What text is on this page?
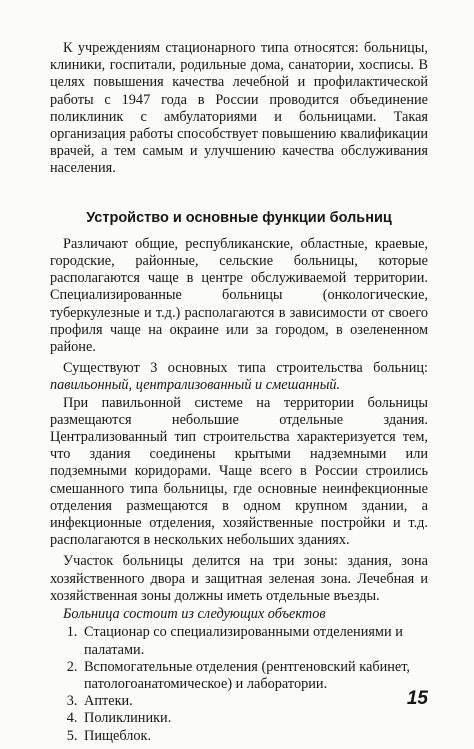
К учреждениям стационарного типа относятся: больницы, клиники, госпитали, родильные дома, санатории, хосписы. В целях повышения качества лечебной и профилактической работы с 1947 года в России проводится объединение поликлиник с амбулаториями и больницами. Такая организация работы способствует повышению квалификации врачей, а тем самым и улучшению качества обслуживания населения.

Устройство и основные функции больниц

Различают общие, республиканские, областные, краевые, городские, районные, сельские больницы, которые располагаются чаще в центре обслуживаемой территории. Специализированные больницы (онкологические, туберкулезные и т.д.) располагаются в зависимости от своего профиля чаще на окраине или за городом, в озелененном районе.

Существуют 3 основных типа строительства больниц: павильонный, централизованный и смешанный.

При павильонной системе на территории больницы размещаются небольшие отдельные здания. Централизованный тип строительства характеризуется тем, что здания соединены крытыми надземными или подземными коридорами. Чаще всего в России строились смешанного типа больницы, где основные неинфекционные отделения размещаются в одном крупном здании, а инфекционные отделения, хозяйственные постройки и т.д. располагаются в нескольких небольших зданиях.

Участок больницы делится на три зоны: здания, зона хозяйственного двора и защитная зеленая зона. Лечебная и хозяйственная зоны должны иметь отдельные въезды.

Больница состоит из следующих объектов

1. Стационар со специализированными отделениями и палатами.
2. Вспомогательные отделения (рентгеновский кабинет, патологоанатомическое) и лаборатории.
3. Аптеки.
4. Поликлиники.
5. Пищеблок.
15
